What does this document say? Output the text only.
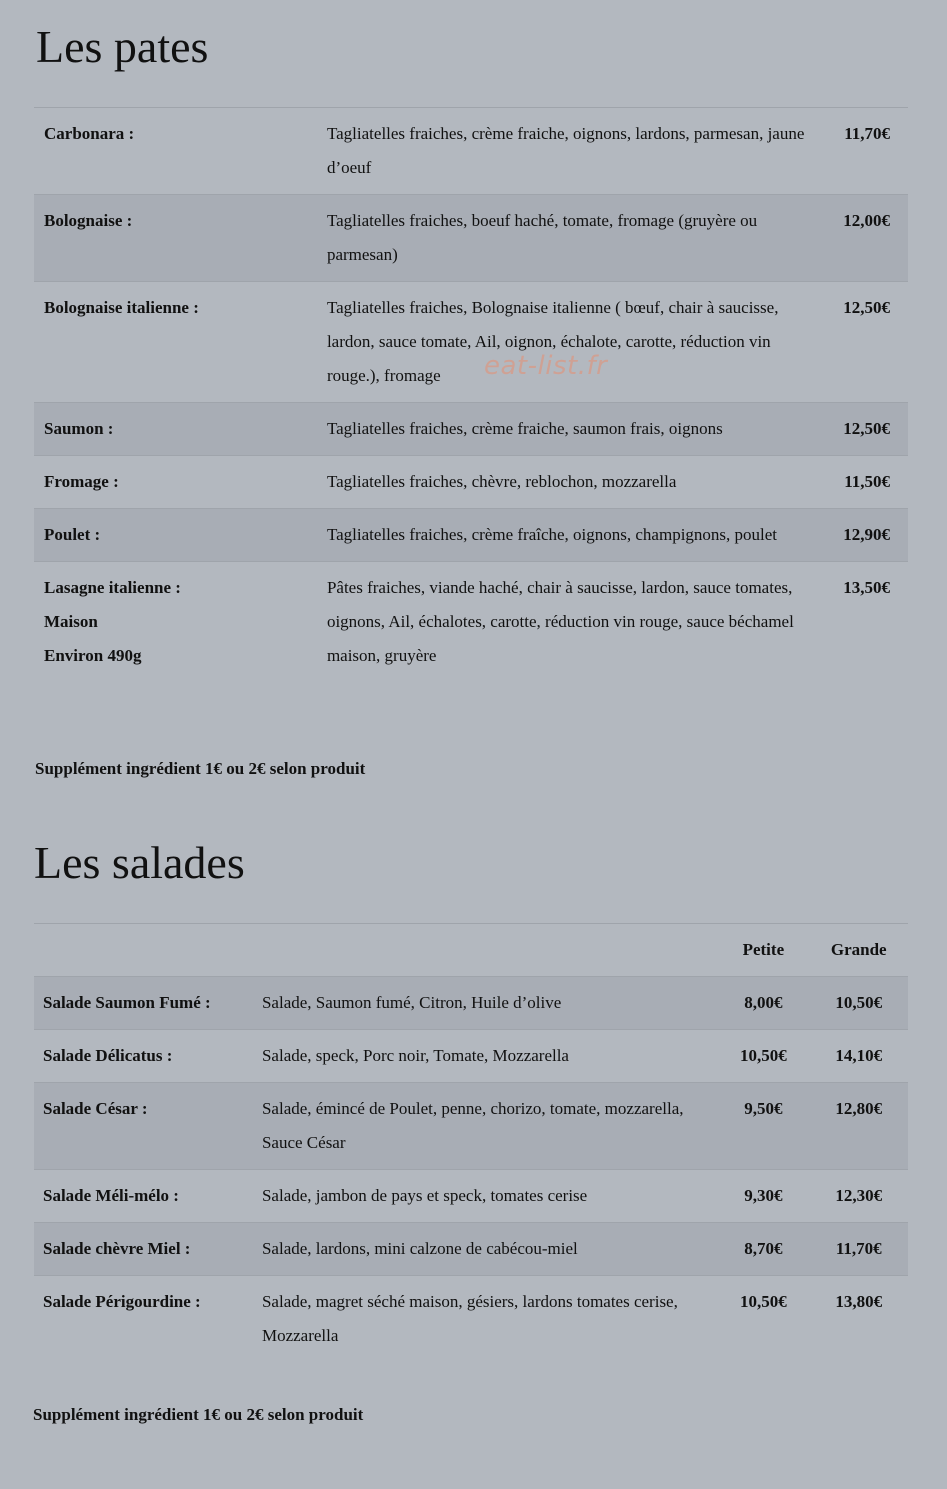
Les pates
Carbonara :	Tagliatelles fraiches, crème fraiche, oignons, lardons, parmesan, jaune d’oeuf	11,70€
Bolognaise :	Tagliatelles fraiches, boeuf haché, tomate, fromage (gruyère ou parmesan)	12,00€
Bolognaise italienne :	Tagliatelles fraiches, Bolognaise italienne ( bœuf, chair à saucisse, lardon, sauce tomate, Ail, oignon, échalote, carotte, réduction vin rouge.), fromage	12,50€
Saumon :	Tagliatelles fraiches, crème fraiche, saumon frais, oignons	12,50€
Fromage :	Tagliatelles fraiches, chèvre, reblochon, mozzarella	11,50€
Poulet :	Tagliatelles fraiches, crème fraîche, oignons, champignons, poulet	12,90€

Lasagne italienne :
Maison
Environ 490g	Pâtes fraiches, viande haché, chair à saucisse, lardon, sauce tomates, oignons, Ail, échalotes, carotte, réduction vin rouge, sauce béchamel maison, gruyère	13,50€
eat-list.fr
Supplément ingrédient 1€ ou 2€ selon produit
Les salades
		Petite	Grande
Salade Saumon Fumé :	Salade, Saumon fumé, Citron, Huile d’olive	8,00€	10,50€
Salade Délicatus :	Salade, speck, Porc noir, Tomate, Mozzarella	10,50€	14,10€
Salade César :	Salade, émincé de Poulet, penne, chorizo, tomate, mozzarella, Sauce César	9,50€	12,80€
Salade Méli-mélo :	Salade, jambon de pays et speck, tomates cerise	9,30€	12,30€
Salade chèvre Miel :	Salade, lardons, mini calzone de cabécou-miel	8,70€	11,70€
Salade Périgourdine :	Salade, magret séché maison, gésiers, lardons tomates cerise, Mozzarella	10,50€	13,80€
Supplément ingrédient 1€ ou 2€ selon produit
